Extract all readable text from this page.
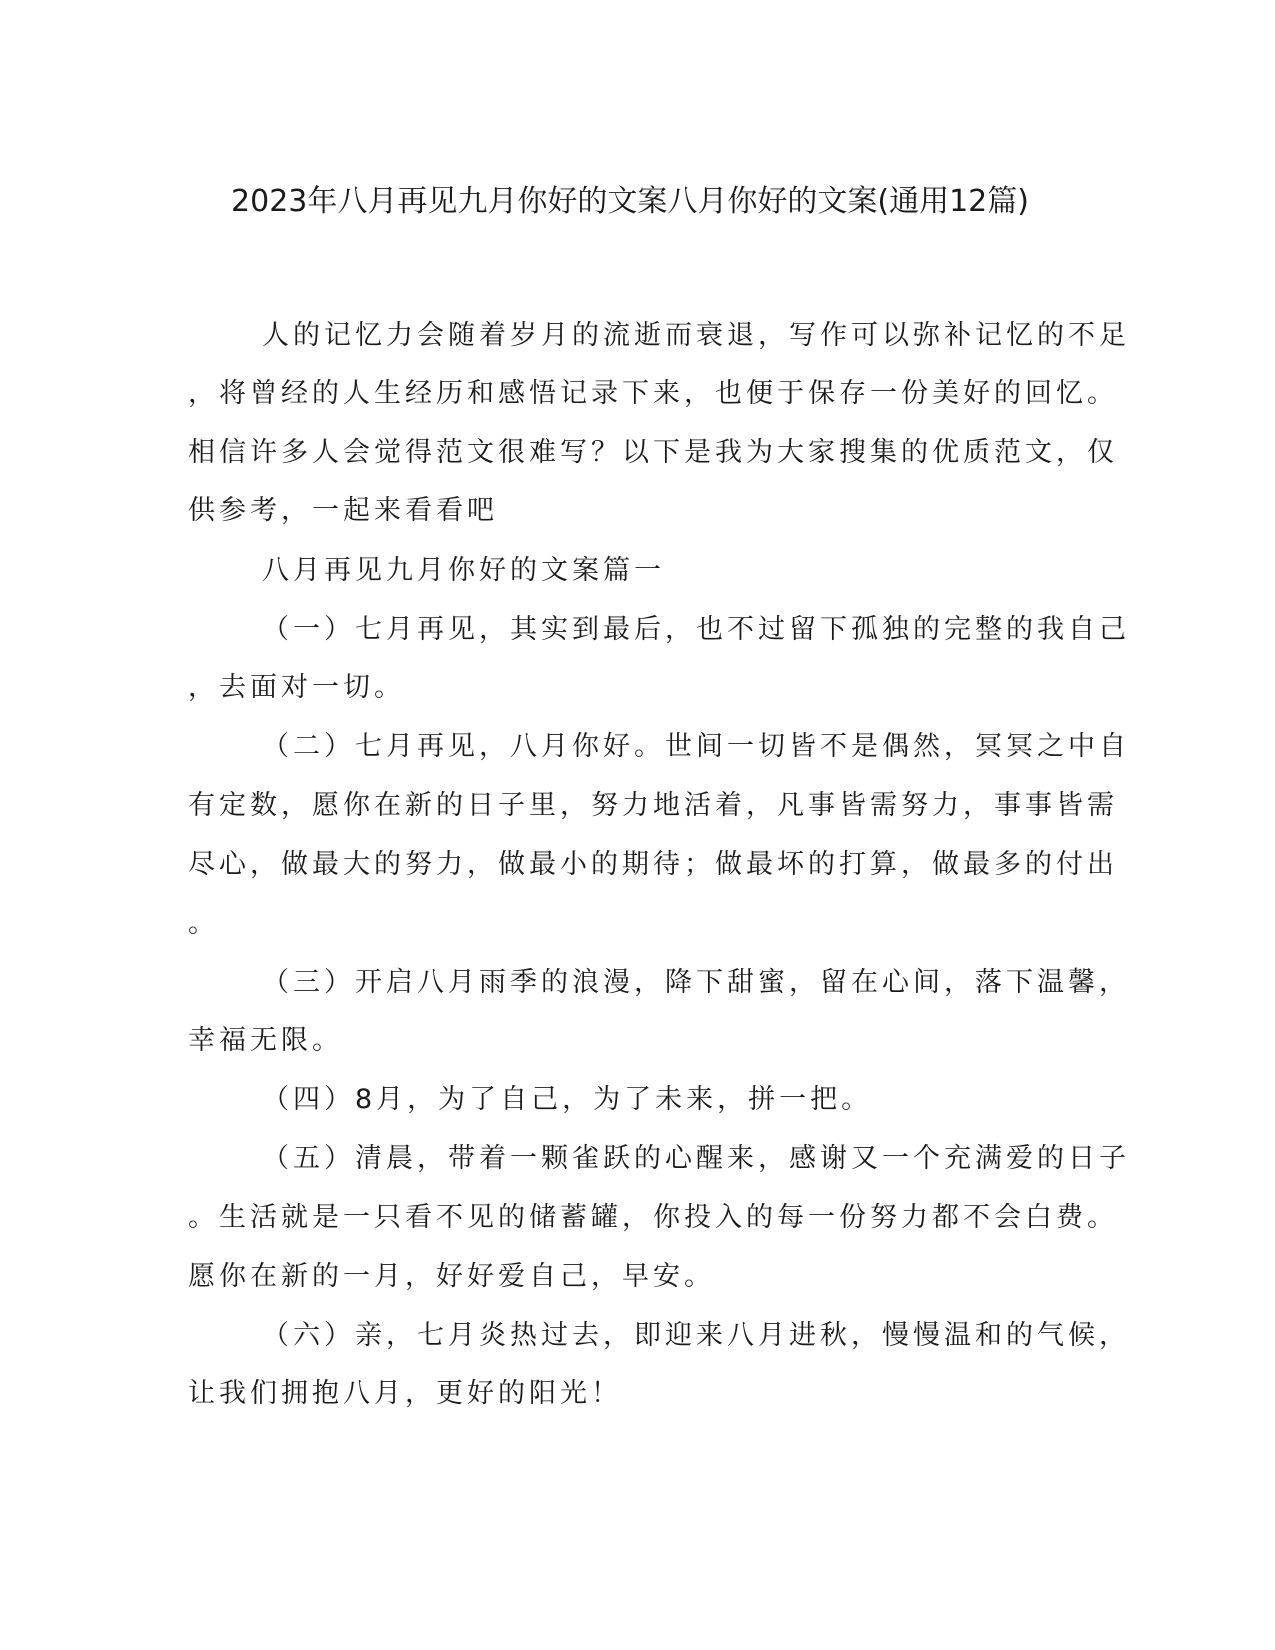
2023年八月再见九月你好的文案八月你好的文案(通用12篇)

人的记忆力会随着岁月的流逝而衰退，写作可以弥补记忆的不足

，将曾经的人生经历和感悟记录下来，也便于保存一份美好的回忆。

相信许多人会觉得范文很难写？以下是我为大家搜集的优质范文，仅

供参考，一起来看看吧

八月再见九月你好的文案篇一

（一）七月再见，其实到最后，也不过留下孤独的完整的我自己

，去面对一切。

（二）七月再见，八月你好。世间一切皆不是偶然，冥冥之中自

有定数，愿你在新的日子里，努力地活着，凡事皆需努力，事事皆需

尽心，做最大的努力，做最小的期待；做最坏的打算，做最多的付出

。

（三）开启八月雨季的浪漫，降下甜蜜，留在心间，落下温馨，

幸福无限。

（四）8月，为了自己，为了未来，拼一把。

（五）清晨，带着一颗雀跃的心醒来，感谢又一个充满爱的日子

。生活就是一只看不见的储蓄罐，你投入的每一份努力都不会白费。

愿你在新的一月，好好爱自己，早安。

（六）亲，七月炎热过去，即迎来八月进秋，慢慢温和的气候，

让我们拥抱八月，更好的阳光！
